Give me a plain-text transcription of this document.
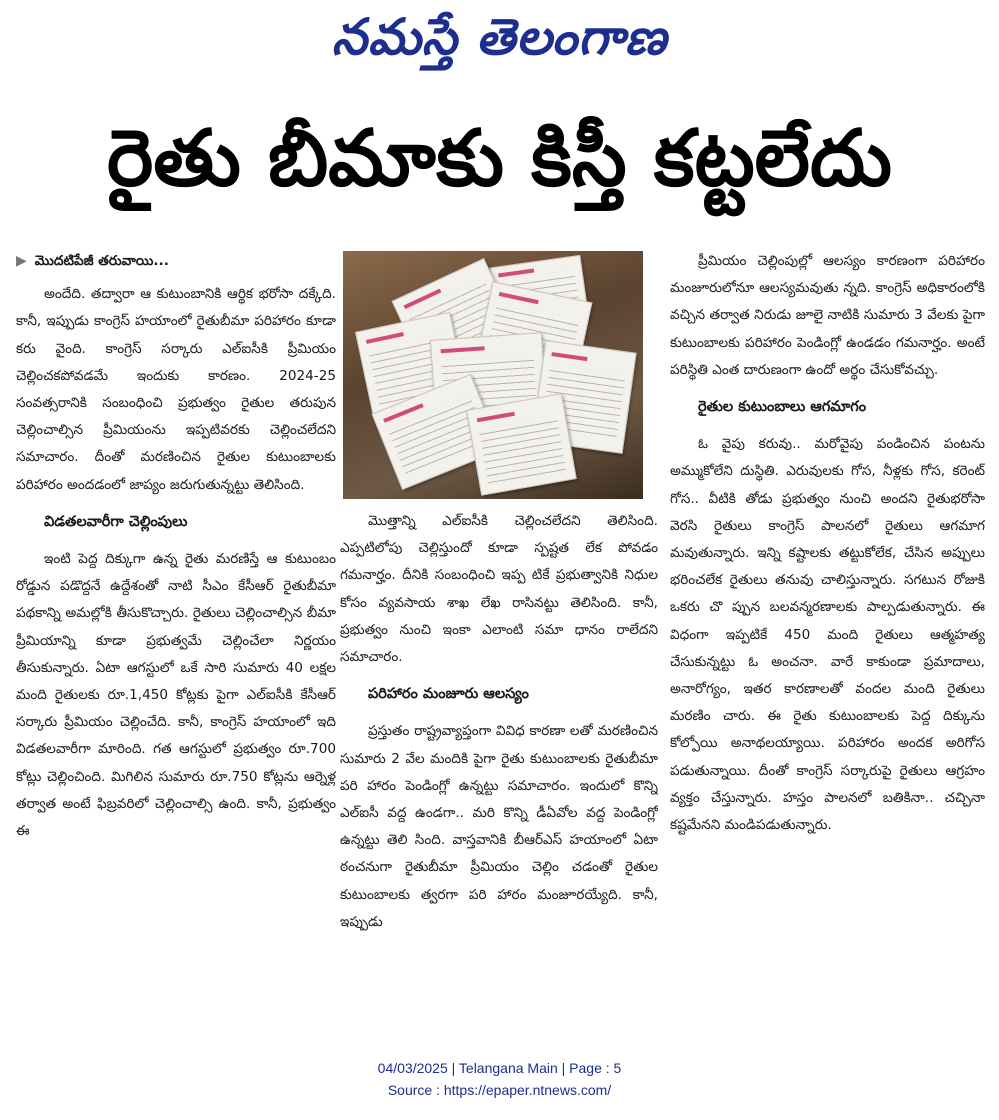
నమస్తే తెలంగాణ
రైతు బీమాకు కిస్తీ కట్టలేదు
▶ మొదటిపేజీ తరువాయి...

అందేది. తద్వారా ఆ కుటుంబానికి ఆర్థిక భరోసా దక్కేది. కానీ, ఇప్పుడు కాంగ్రెస్ హయాంలో రైతుబీమా పరిహారం కూడా కరు వైంది. కాంగ్రెస్ సర్కారు ఎల్ఐసీకి ప్రీమియం చెల్లించకపోవడమే ఇందుకు కారణం. 2024-25 సంవత్సరానికి సంబంధించి ప్రభుత్వం రైతుల తరుపున చెల్లించాల్సిన ప్రీమియంను ఇప్పటివరకు చెల్లించలేదని సమాచారం. దీంతో మరణించిన రైతుల కుటుంబాలకు పరిహారం అందడంలో జాప్యం జరుగుతున్నట్టు తెలిసింది.

విడతలవారీగా చెల్లింపులు

ఇంటి పెద్ద దిక్కుగా ఉన్న రైతు మరణిస్తే ఆ కుటుంబం రోడ్డున పడొద్దనే ఉద్దేశంతో నాటి సీఎం కేసీఆర్ రైతుబీమా పథకాన్ని అమల్లోకి తీసుకొచ్చారు. రైతులు చెల్లించాల్సిన బీమా ప్రీమియాన్ని కూడా ప్రభుత్వమే చెల్లించేలా నిర్ణయం తీసుకున్నారు. ఏటా ఆగస్టులో ఒకే సారి సుమారు 40 లక్షల మంది రైతులకు రూ.1,450 కోట్లకు పైగా ఎల్ఐసీకి కేసీఆర్ సర్కారు ప్రీమియం చెల్లించేది. కానీ, కాంగ్రెస్ హయాంలో ఇది విడతలవారీగా మారింది. గత ఆగస్టులో ప్రభుత్వం రూ.700 కోట్లు చెల్లించింది. మిగిలిన సుమారు రూ.750 కోట్లను ఆర్నెళ్ల తర్వాత అంటే ఫిబ్రవరిలో చెల్లించాల్సి ఉంది. కానీ, ప్రభుత్వం ఈ

మొత్తాన్ని ఎల్ఐసీకి చెల్లించలేదని తెలిసింది. ఎప్పటిలోపు చెల్లిస్తుందో కూడా స్పష్టత లేక పోవడం గమనార్హం. దీనికి సంబంధించి ఇప్ప టికే ప్రభుత్వానికి నిధుల కోసం వ్యవసాయ శాఖ లేఖ రాసినట్టు తెలిసింది. కానీ, ప్రభుత్వం నుంచి ఇంకా ఎలాంటి సమా ధానం రాలేదని సమాచారం.

పరిహారం మంజూరు ఆలస్యం

ప్రస్తుతం రాష్ట్రవ్యాప్తంగా వివిధ కారణా లతో మరణించిన సుమారు 2 వేల మందికి పైగా రైతు కుటుంబాలకు రైతుబీమా పరి హారం పెండింగ్లో ఉన్నట్టు సమాచారం. ఇందులో కొన్ని ఎల్ఐసీ వద్ద ఉండగా.. మరి కొన్ని డీఏవోల వద్ద పెండింగ్లో ఉన్నట్టు తెలి సింది. వాస్తవానికి బీఆర్ఎస్ హయాంలో ఏటా ఠంచనుగా రైతుబీమా ప్రీమియం చెల్లిం చడంతో రైతుల కుటుంబాలకు త్వరగా పరి హారం మంజూరయ్యేది. కానీ, ఇప్పుడు

ప్రీమియం చెల్లింపుల్లో ఆలస్యం కారణంగా పరిహారం మంజూరులోనూ ఆలస్యమవుతు న్నది. కాంగ్రెస్ అధికారంలోకి వచ్చిన తర్వాత నిరుడు జూలై నాటికి సుమారు 3 వేలకు పైగా కుటుంబాలకు పరిహారం పెండింగ్లో ఉండడం గమనార్హం. అంటే పరిస్థితి ఎంత దారుణంగా ఉందో అర్థం చేసుకోవచ్చు.

రైతుల కుటుంబాలు ఆగమాగం

ఓ వైపు కరువు.. మరోవైపు పండించిన పంటను అమ్ముకోలేని దుస్థితి. ఎరువులకు గోస, నీళ్లకు గోస, కరెంట్ గోస.. వీటికి తోడు ప్రభుత్వం నుంచి అందని రైతుభరోసా వెరసి రైతులు కాంగ్రెస్ పాలనలో రైతులు ఆగమాగ మవుతున్నారు. ఇన్ని కష్టాలకు తట్టుకోలేక, చేసిన అప్పులు భరించలేక రైతులు తనువు చాలిస్తున్నారు. సగటున రోజుకి ఒకరు చొ ప్పున బలవన్మరణాలకు పాల్పడుతున్నారు. ఈ విధంగా ఇప్పటికే 450 మంది రైతులు ఆత్మహత్య చేసుకున్నట్టు ఓ అంచనా. వారే కాకుండా ప్రమాదాలు, అనారోగ్యం, ఇతర కారణాలతో వందల మంది రైతులు మరణిం చారు. ఈ రైతు కుటుంబాలకు పెద్ద దిక్కును కోల్పోయి అనాథలయ్యాయి. పరిహారం అందక అరిగోస పడుతున్నాయి. దీంతో కాంగ్రెస్ సర్కారుపై రైతులు ఆగ్రహం వ్యక్తం చేస్తున్నారు. హస్తం పాలనలో బతికినా.. చచ్చినా కష్టమేనని మండిపడుతున్నారు.

04/03/2025 | Telangana Main | Page : 5
Source : https://epaper.ntnews.com/
